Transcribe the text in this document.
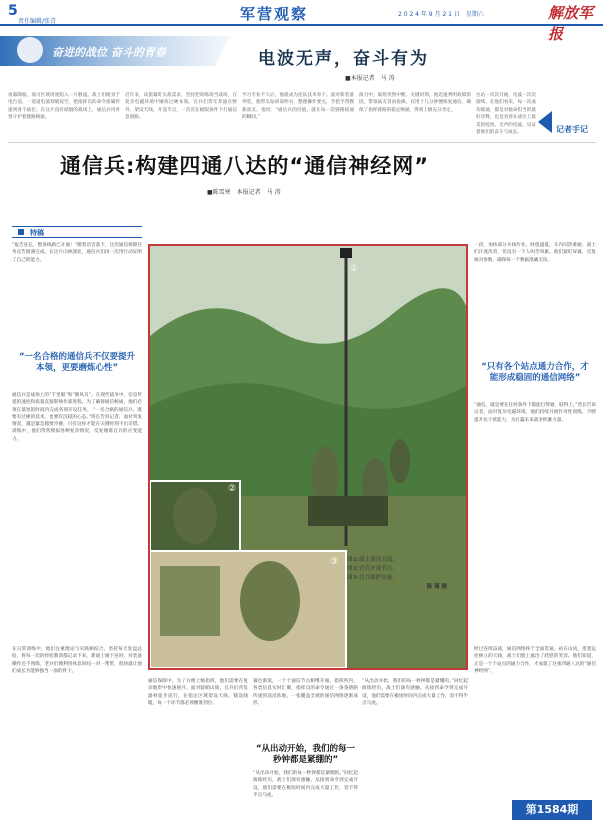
5
责任编辑/张青	军营观察	2 0 2 4 年 9 月 2 1 日　星期六	解放军报
奋进的战位 奋斗的青春	电波无声，奋斗有为
■本报记者　马 涛
夜幕降临，演习区域再度陷入一片静谧。战士们俯身于电台前，一道道电波划破夜空，把指挥员的命令准确传递到各个战位。在这片没有硝烟的战场上，通信兵用青春守护着链路畅通。
近年来，该旅紧盯实战需求，坚持把训练场当战场，在复杂电磁环境中锤炼过硬本领。官兵们常年奔波在野外，架设天线、开设节点，一次次在极限条件下打通信息链路。
学习专业不久后，他就成为连队技术骨干。面对新装备列装，他带头钻研说明书，整理操作要点，手把手带教新战友。他说：“通信兵的价值，就在每一次链路接通的瞬间。”
演习中，联络突然中断。关键时刻，他迅速判明故障原因，带领战友冒雨抢修，仅用十几分钟便恢复通信，确保了指挥链路的稳定畅通，得到上级充分肯定。
台站一次次开通，电波一次次接续。在他们看来，每一次成功联通，都是对使命担当的最好诠释，也是青春在战位上最美的绽放。无声的电波，见证着他们的奋斗与成长。	记者手记
通信兵:构建四通八达的“通信神经网”
■陈雪寒　本报记者　马 涛
特稿
“报告连长，整条线路已开通！”随着话音落下，这次通信保障任务宣告圆满完成。在这片山林深处，通信兵们再一次用行动证明了自己的能力。
“一名合格的通信兵不仅要提升本领，更要磨炼心性”
通信兵是战场上的“千里眼”和“顺风耳”。在现代战争中，信息传递的速度和质量直接影响作战进程。为了确保通信畅通，他们必须在最短的时间内完成各项开设任务。 “一名合格的通信兵，既要有过硬的技术，也要有沉稳的心态。”班长告诉记者，面对突发情况，越是紧急越要冷静，只有这样才能在关键时刻不出差错。训练中，他们常常模拟各种复杂情况，反复锤炼官兵的应变能力。
在日常训练中，他们注重理论与实践相结合，坚持每天复盘总结，将每一次的经验教训都记录下来。新战士刚下连时，对装备操作还不熟练，老兵们便利用休息时间一对一帮带，很快就让他们成长为能够独当一面的骨干。
①
②
③ 图①:战士架设天线。
图②:官兵开设节点。
图③:官兵维护设备。
陈 瑾 摄
通信保障中，为了方便上级指挥，他们需要在复杂地形中快速展开。面对陡峭山坡，官兵们背负器材徒步前行，在指定区域架设天线、铺设线缆，每一个环节都必须精准到位。
暮色渐浓，一个个通信节点相继开通。指挥所内，各类信息实时汇聚，指挥员的命令通过一条条链路传递到前沿阵地，一张覆盖全域的通信网络逐渐成形。
“从出动开始，我们的每一秒钟都是紧绷的”
“从出动开始，我们的每一秒钟都是紧绷的。”回忆起演练经历，战士们深有感触。从接到命令到完成开设，他们需要在极短时间内完成大量工作，容不得半点马虎。
“从出动开始，我们的每一秒钟都是紧绷的。”回忆起演练经历，战士们深有感触。从接到命令到完成开设，他们需要在极短时间内完成大量工作，容不得半点马虎。
一段，加快部分兵线作业。时值盛夏，车内闷热难耐，战士们汗流浃背，但没有一个人叫苦叫累。他们紧盯屏幕，反复核对参数，确保每一个数据准确无误。
“只有各个站点通力合作，才能形成稳固的通信网络”
“通信，就是要在任何条件下都能打得通、联得上。”营长告诉记者，面对复杂电磁环境，他们持续开展针对性训练，不断提升抗干扰能力，为打赢未来战争积蓄力量。
经过连续奋战，通信网络终于全面贯通。站在山顶，望着远处林立的天线，战士们脸上露出了欣慰的笑容。他们知道，正是一个个站点的通力合作，才成就了这张四通八达的“通信神经网”。
第1584期
